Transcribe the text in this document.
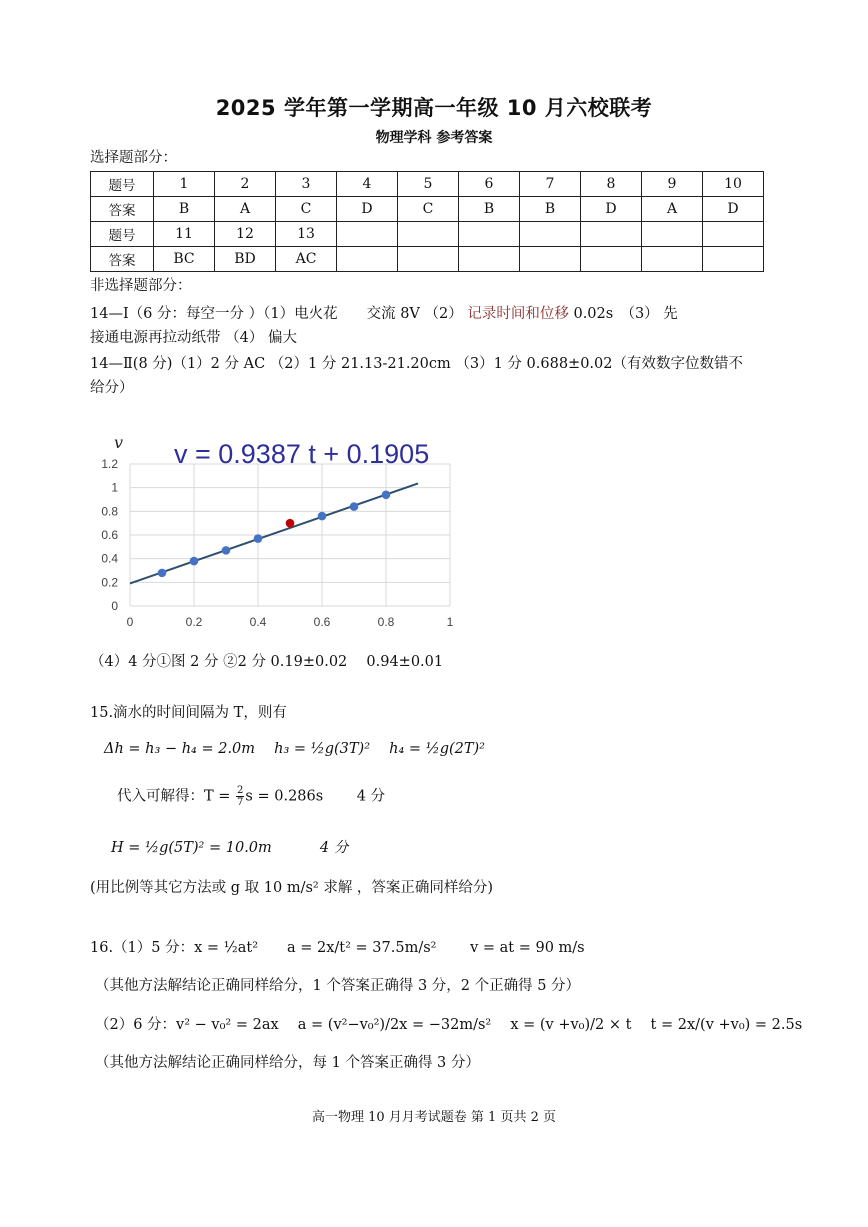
2025 学年第一学期高一年级 10 月六校联考
物理学科 参考答案
选择题部分：
题号	1	2	3	4	5	6	7	8	9	10
答案	B	A	C	D	C	B	B	D	A	D
题号	11	12	13							
答案	BC	BD	AC							
非选择题部分：
14—Ⅰ（6 分：每空一分 ）（1）电火花　　交流 8V （2） 记录时间和位移 0.02s　（3） 先
接通电源再拉动纸带 （4） 偏大
14—Ⅱ(8 分)（1）2 分 AC （2）1 分 21.13-21.20cm （3）1 分 0.688±0.02（有效数字位数错不
给分）
0	0.2	0.4	0.6	0.8	1
0
0.2
0.4
0.6
0.8
1
1.2
v v = 0.9387 t + 0.1905
（4）4 分①图 2 分 ②2 分 0.19±0.02　 0.94±0.01
15.滴水的时间间隔为 T，则有
Δh = h₃ − h₄ = 2.0m　 h₃ = ½g(3T)²　 h₄ = ½g(2T)²
代入可解得：$T = \frac{2}{7}$ s = 0.286s　　 4 分
H = ½g(5T)² = 10.0m　　　 4 分
(用比例等其它方法或 g 取 10 m/s² 求解 ，答案正确同样给分)
16.（1）5 分：x = ½at²　　a = 2x/t² = 37.5m/s²　　 v = at = 90 m/s
（其他方法解结论正确同样给分，1 个答案正确得 3 分，2 个正确得 5 分）
（2）6 分：v² − v₀² = 2ax　 a = (v²−v₀²)/2x = −32m/s²　 x = (v +v₀)/2 × t　 t = 2x/(v +v₀) = 2.5s
（其他方法解结论正确同样给分，每 1 个答案正确得 3 分）
高一物理 10 月月考试题卷 第 1 页共 2 页
